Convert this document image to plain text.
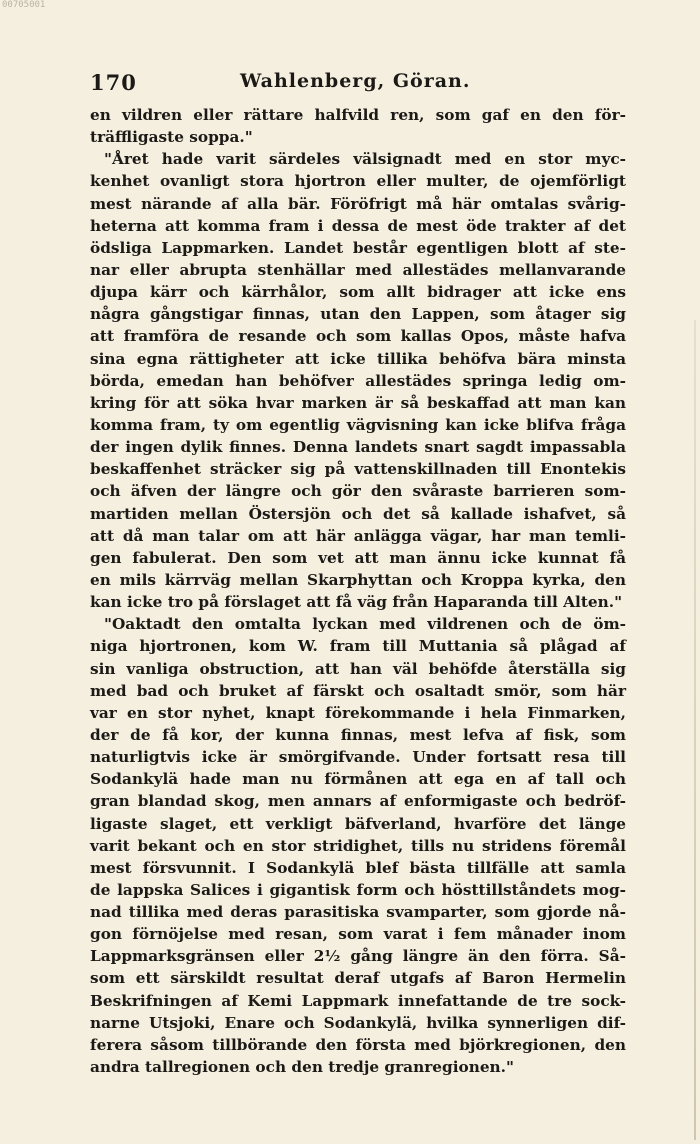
00705001
170	Wahlenberg, Göran.
en vildren eller rättare halfvild ren, som gaf en den för-
träffligaste soppa."
"Året hade varit särdeles välsignadt med en stor myc-
kenhet ovanligt stora hjortron eller multer, de ojemförligt
mest närande af alla bär. Föröfrigt må här omtalas svårig-
heterna att komma fram i dessa de mest öde trakter af det
ödsliga Lappmarken. Landet består egentligen blott af ste-
nar eller abrupta stenhällar med allestädes mellanvarande
djupa kärr och kärrhålor, som allt bidrager att icke ens
några gångstigar finnas, utan den Lappen, som åtager sig
att framföra de resande och som kallas Opos, måste hafva
sina egna rättigheter att icke tillika behöfva bära minsta
börda, emedan han behöfver allestädes springa ledig om-
kring för att söka hvar marken är så beskaffad att man kan
komma fram, ty om egentlig vägvisning kan icke blifva fråga
der ingen dylik finnes. Denna landets snart sagdt impassabla
beskaffenhet sträcker sig på vattenskillnaden till Enontekis
och äfven der längre och gör den svåraste barrieren som-
martiden mellan Östersjön och det så kallade ishafvet, så
att då man talar om att här anlägga vägar, har man temli-
gen fabulerat. Den som vet att man ännu icke kunnat få
en mils kärrväg mellan Skarphyttan och Kroppa kyrka, den
kan icke tro på förslaget att få väg från Haparanda till Alten."
"Oaktadt den omtalta lyckan med vildrenen och de öm-
niga hjortronen, kom W. fram till Muttania så plågad af
sin vanliga obstruction, att han väl behöfde återställa sig
med bad och bruket af färskt och osaltadt smör, som här
var en stor nyhet, knapt förekommande i hela Finmarken,
der de få kor, der kunna finnas, mest lefva af fisk, som
naturligtvis icke är smörgifvande. Under fortsatt resa till
Sodankylä hade man nu förmånen att ega en af tall och
gran blandad skog, men annars af enformigaste och bedröf-
ligaste slaget, ett verkligt bäfverland, hvarföre det länge
varit bekant och en stor stridighet, tills nu stridens föremål
mest försvunnit. I Sodankylä blef bästa tillfälle att samla
de lappska Salices i gigantisk form och hösttillståndets mog-
nad tillika med deras parasitiska svamparter, som gjorde nå-
gon förnöjelse med resan, som varat i fem månader inom
Lappmarksgränsen eller 2½ gång längre än den förra. Så-
som ett särskildt resultat deraf utgafs af Baron Hermelin
Beskrifningen af Kemi Lappmark innefattande de tre sock-
narne Utsjoki, Enare och Sodankylä, hvilka synnerligen dif-
ferera såsom tillbörande den första med björkregionen, den
andra tallregionen och den tredje granregionen."
